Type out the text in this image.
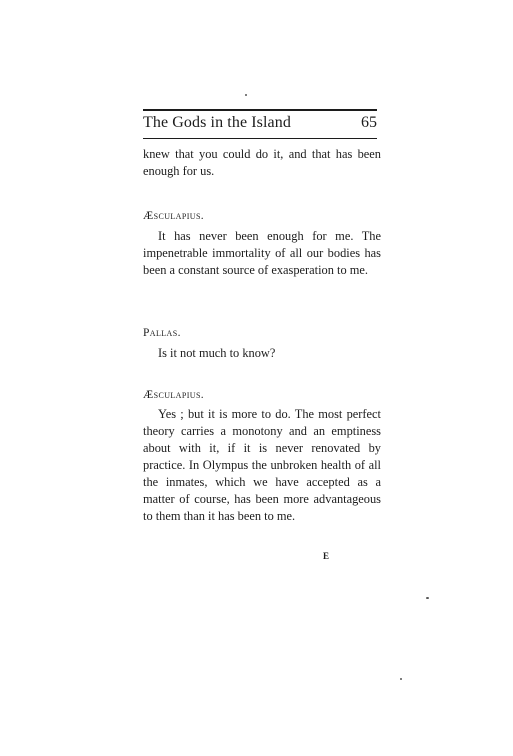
The Gods in the Island	65

knew that you could do it, and that has been enough for us.

Æsculapius.

It has never been enough for me. The impenetrable immortality of all our bodies has been a constant source of exasperation to me.

Pallas.

Is it not much to know?

Æsculapius.

Yes ; but it is more to do. The most perfect theory carries a monotony and an emptiness about with it, if it is never renovated by practice. In Olympus the unbroken health of all the inmates, which we have accepted as a matter of course, has been more advantageous to them than it has been to me.

E
